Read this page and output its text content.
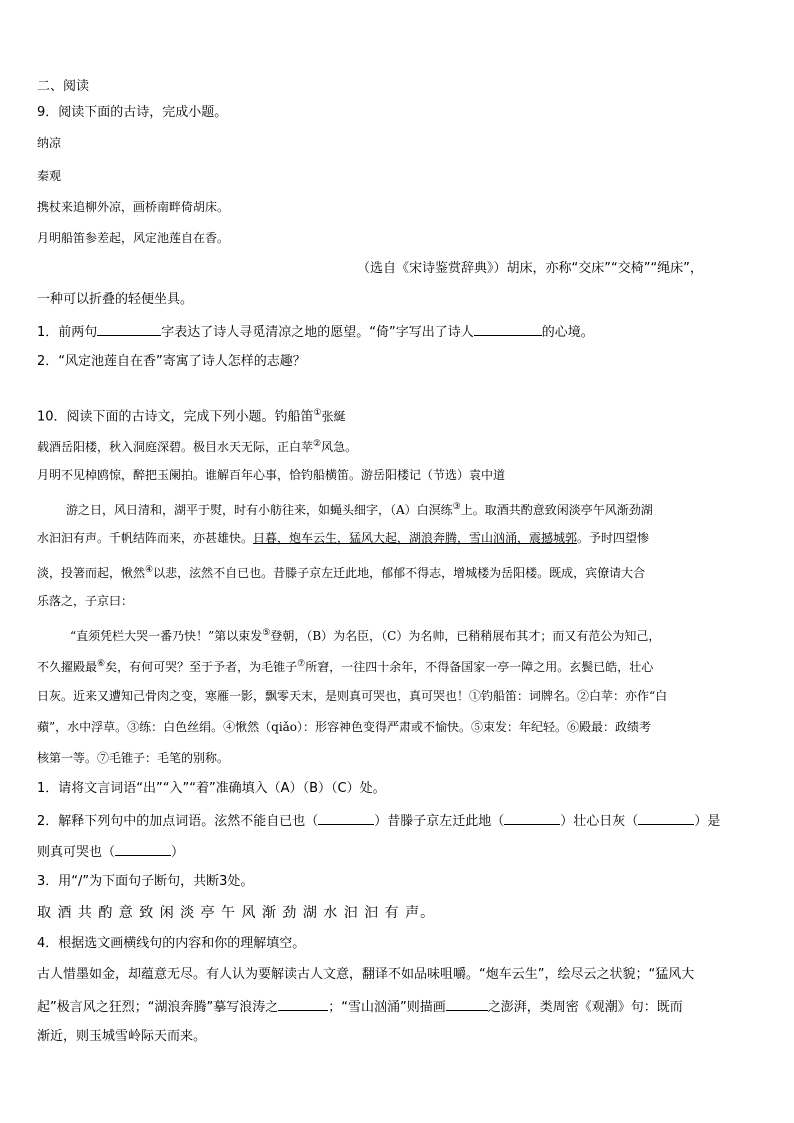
二、阅读
9．阅读下面的古诗，完成小题。
纳凉
秦观
携杖来追柳外凉，画桥南畔倚胡床。
月明船笛参差起，风定池莲自在香。
（选自《宋诗鉴赏辞典》）胡床，亦称“交床”“交椅”“绳床”，
一种可以折叠的轻便坐具。
1．前两句	字表达了诗人寻觅清凉之地的愿望。“倚”字写出了诗人	的心境。
2．“风定池莲自在香”寄寓了诗人怎样的志趣？
10．阅读下面的古诗文，完成下列小题。钓船笛①张綖
载酒岳阳楼，秋入洞庭深碧。极目水天无际，正白苹②风急。
月明不见棹鸥惊，醉把玉阑拍。谁解百年心事，恰钓船横笛。游岳阳楼记（节选）袁中道
游之日，风日清和，湖平于熨，时有小舫往来，如蝇头细字，（A）白溟练③上。取酒共酌意致闲淡亭午风渐劲湖
水汩汩有声。千帆结阵而来，亦甚雄快。日暮，炮车云生，猛风大起，湖浪奔腾，雪山汹涌，震撼城郭。予时四望惨
淡，投箸而起，愀然④以悲，泫然不自已也。昔滕子京左迁此地，郁郁不得志，增城楼为岳阳楼。既成，宾僚请大合
乐落之，子京曰：
“直须凭栏大哭一番乃快！”第以束发⑤登朝，（B）为名臣，（C）为名帅，已稍稍展布其才；而又有范公为知己，
不久擢殿最⑥矣，有何可哭？至于予者，为毛锥子⑦所窘，一往四十余年，不得备国家一亭一障之用。玄鬓已皓，壮心
日灰。近来又遭知己骨肉之变，寒雁一影，飘零天末，是则真可哭也，真可哭也！①钓船笛：词牌名。②白苹：亦作“白
蘋”，水中浮草。③练：白色丝绢。④愀然（qiǎo）：形容神色变得严肃或不愉快。⑤束发：年纪轻。⑥殿最：政绩考
核第一等。⑦毛锥子：毛笔的别称。
1．请将文言词语“出”“入”“着”准确填入（A）（B）（C）处。
2．解释下列句中的加点词语。泫然不能自已也（	）昔滕子京左迁此地（	）壮心日灰（	）是
则真可哭也（	）
3．用“/”为下面句子断句，共断3处。
取 酒 共 酌 意 致 闲 淡 亭 午 风 渐 劲 湖 水 汩 汩 有 声。
4．根据选文画横线句的内容和你的理解填空。
古人惜墨如金，却蕴意无尽。有人认为要解读古人文意，翻译不如品味咀嚼。“炮车云生”，绘尽云之状貌；“猛风大
起”极言风之狂烈；“湖浪奔腾”摹写浪涛之	；“雪山汹涌”则描画	之澎湃，类周密《观潮》句：既而
渐近，则玉城雪岭际天而来。
